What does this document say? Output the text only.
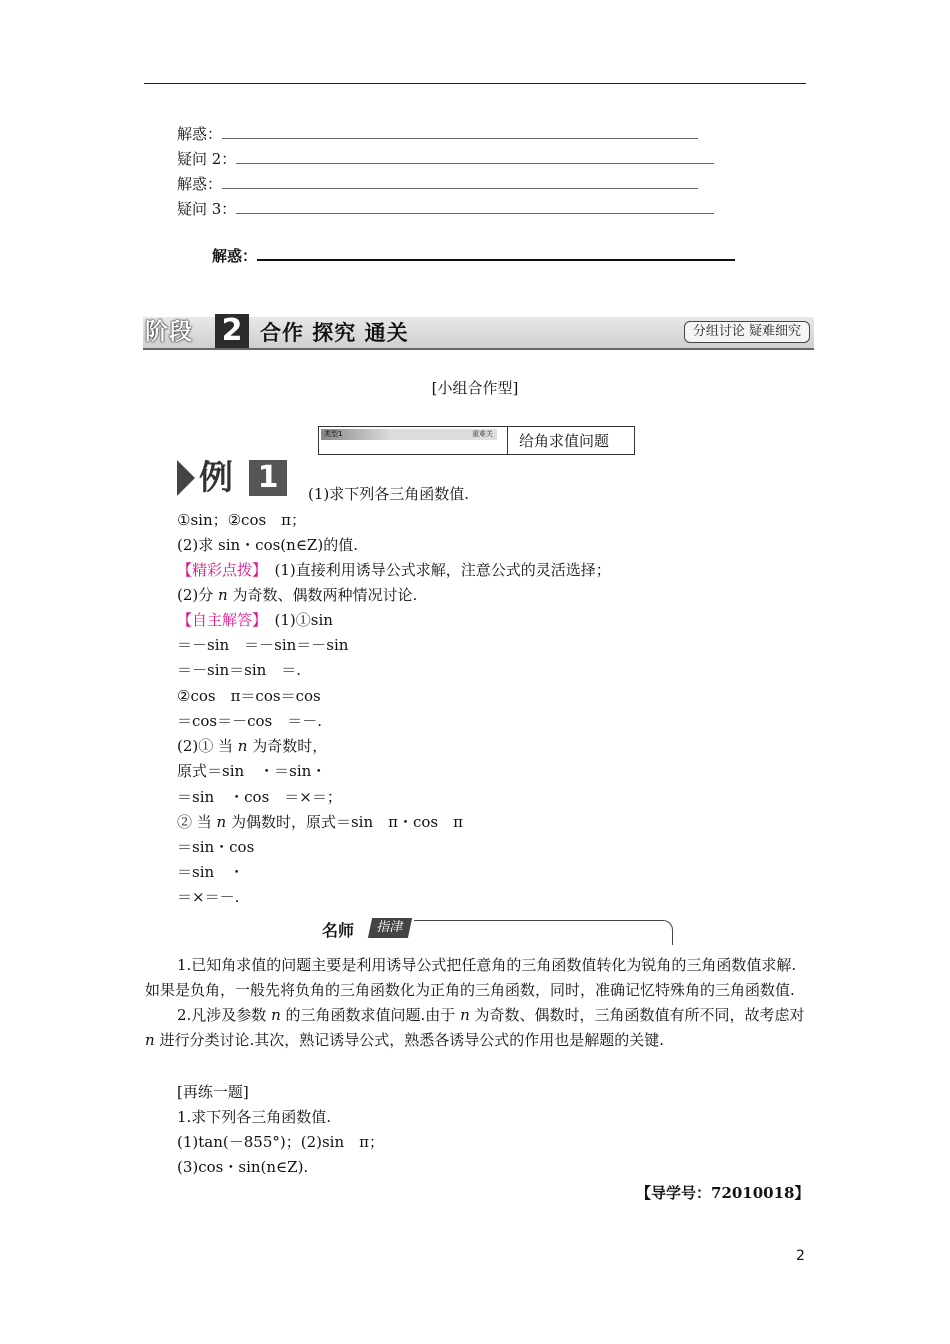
解惑：
疑问 2：
解惑：
疑问 3：
解惑：
阶段 2 合作 探究 通关	分组讨论 疑难细究
[小组合作型]
类型1	重难关 给角求值问题
例 1	(1)求下列各三角函数值.
①sin；②cos　π；
(2)求 sin・cos(n∈Z)的值.
【精彩点拨】　(1)直接利用诱导公式求解，注意公式的灵活选择；
(2)分 n 为奇数、偶数两种情况讨论.
【自主解答】　(1)①sin
＝－sin　＝－sin＝－sin
＝－sin＝sin　＝.
②cos　π＝cos＝cos
＝cos＝－cos　＝－.
(2)① 当 n 为奇数时，
原式＝sin　・＝sin・
＝sin　・cos　＝×＝；
② 当 n 为偶数时，原式＝sin　π・cos　π
＝sin・cos
＝sin　・
＝×＝－.
名师	指津

1.已知角求值的问题主要是利用诱导公式把任意角的三角函数值转化为锐角的三角函数值求解.如果是负角，一般先将负角的三角函数化为正角的三角函数，同时，准确记忆特殊角的三角函数值.

2.凡涉及参数 n 的三角函数求值问题.由于 n 为奇数、偶数时，三角函数值有所不同，故考虑对 n 进行分类讨论.其次，熟记诱导公式，熟悉各诱导公式的作用也是解题的关键.

[再练一题]
1.求下列各三角函数值.
(1)tan(－855°)；(2)sin　π；
(3)cos・sin(n∈Z).
【导学号：72010018】
2
